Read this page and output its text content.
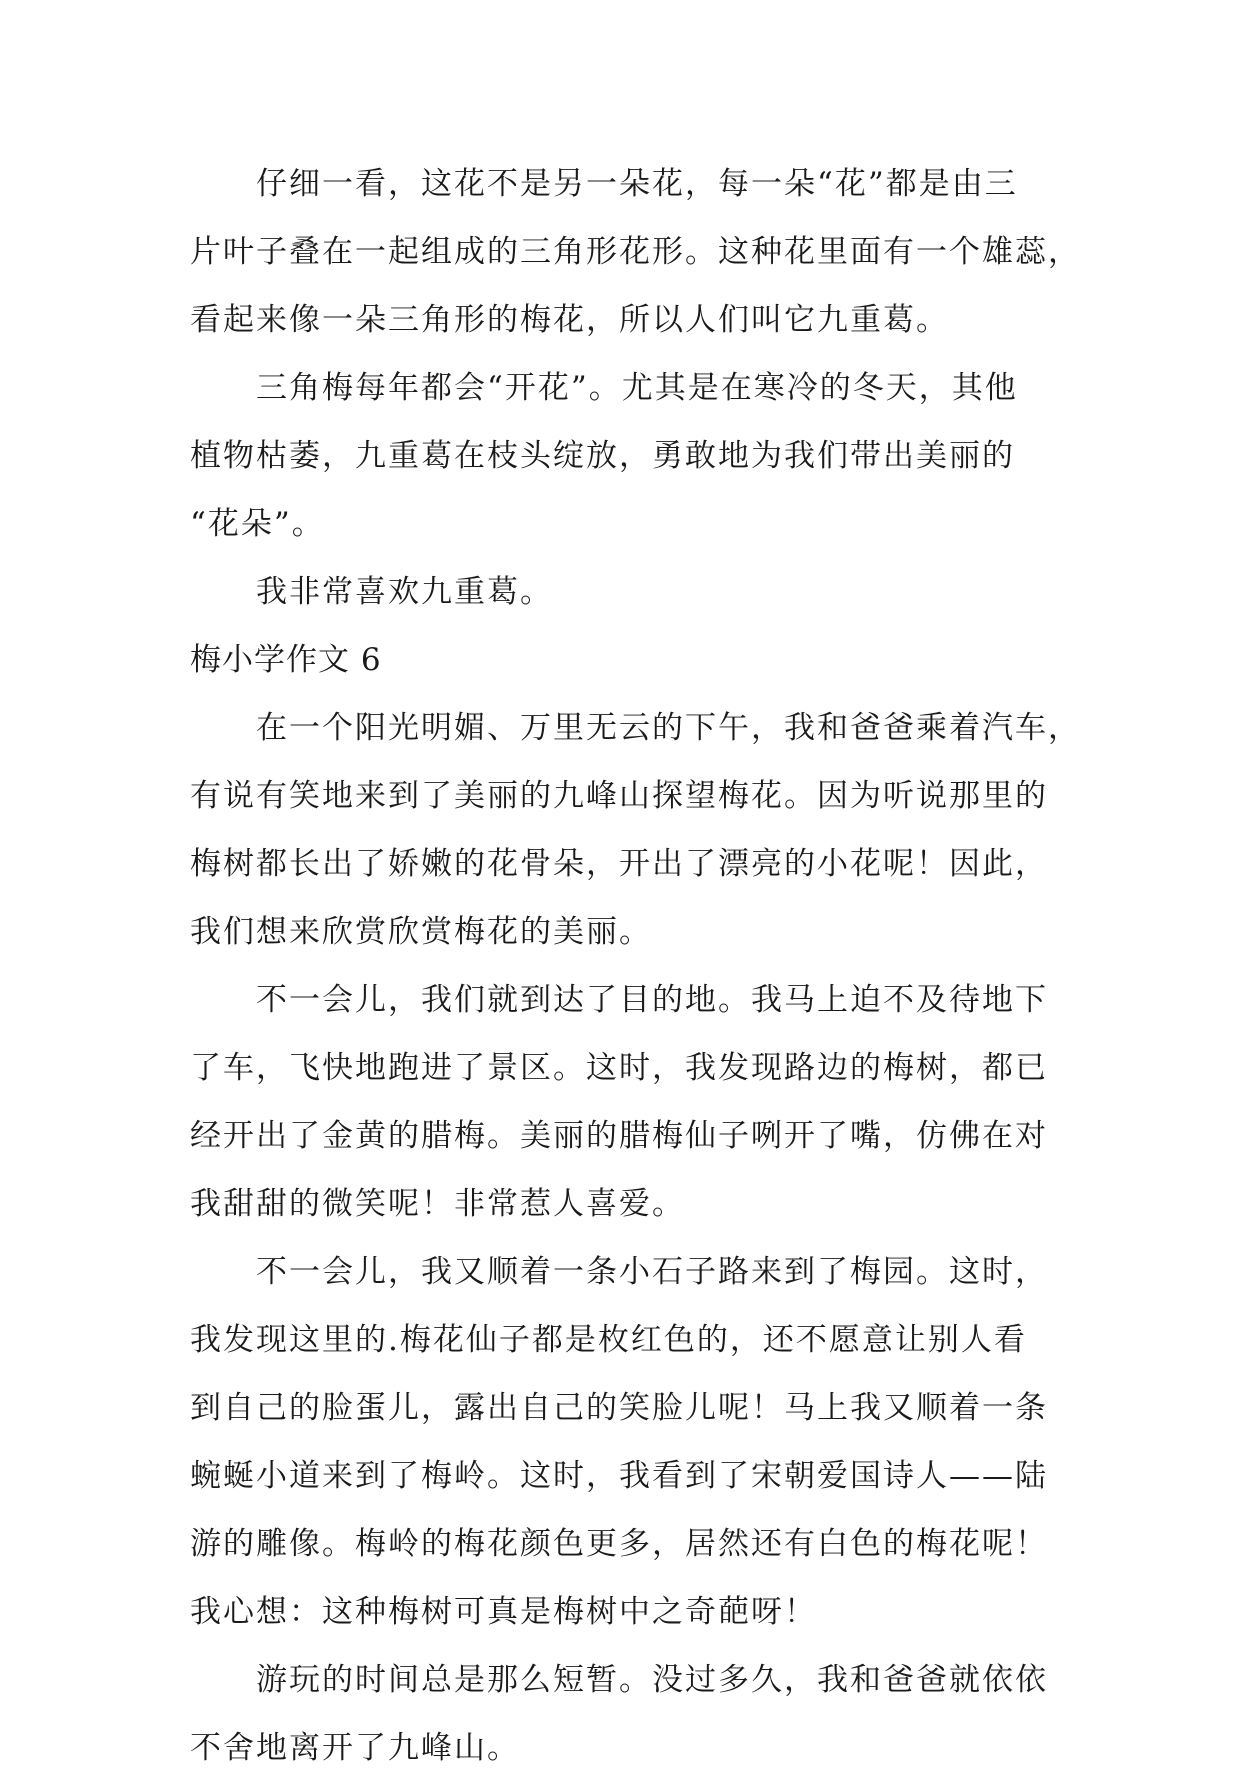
仔细一看，这花不是另一朵花，每一朵“花”都是由三
片叶子叠在一起组成的三角形花形。这种花里面有一个雄蕊，
看起来像一朵三角形的梅花，所以人们叫它九重葛。
三角梅每年都会“开花”。尤其是在寒冷的冬天，其他
植物枯萎，九重葛在枝头绽放，勇敢地为我们带出美丽的
“花朵”。
我非常喜欢九重葛。
梅小学作文 6
在一个阳光明媚、万里无云的下午，我和爸爸乘着汽车，
有说有笑地来到了美丽的九峰山探望梅花。因为听说那里的
梅树都长出了娇嫩的花骨朵，开出了漂亮的小花呢！因此，
我们想来欣赏欣赏梅花的美丽。
不一会儿，我们就到达了目的地。我马上迫不及待地下
了车，飞快地跑进了景区。这时，我发现路边的梅树，都已
经开出了金黄的腊梅。美丽的腊梅仙子咧开了嘴，仿佛在对
我甜甜的微笑呢！非常惹人喜爱。
不一会儿，我又顺着一条小石子路来到了梅园。这时，
我发现这里的.梅花仙子都是枚红色的，还不愿意让别人看
到自己的脸蛋儿，露出自己的笑脸儿呢！马上我又顺着一条
蜿蜒小道来到了梅岭。这时，我看到了宋朝爱国诗人——陆
游的雕像。梅岭的梅花颜色更多，居然还有白色的梅花呢！
我心想：这种梅树可真是梅树中之奇葩呀！
游玩的时间总是那么短暂。没过多久，我和爸爸就依依
不舍地离开了九峰山。
